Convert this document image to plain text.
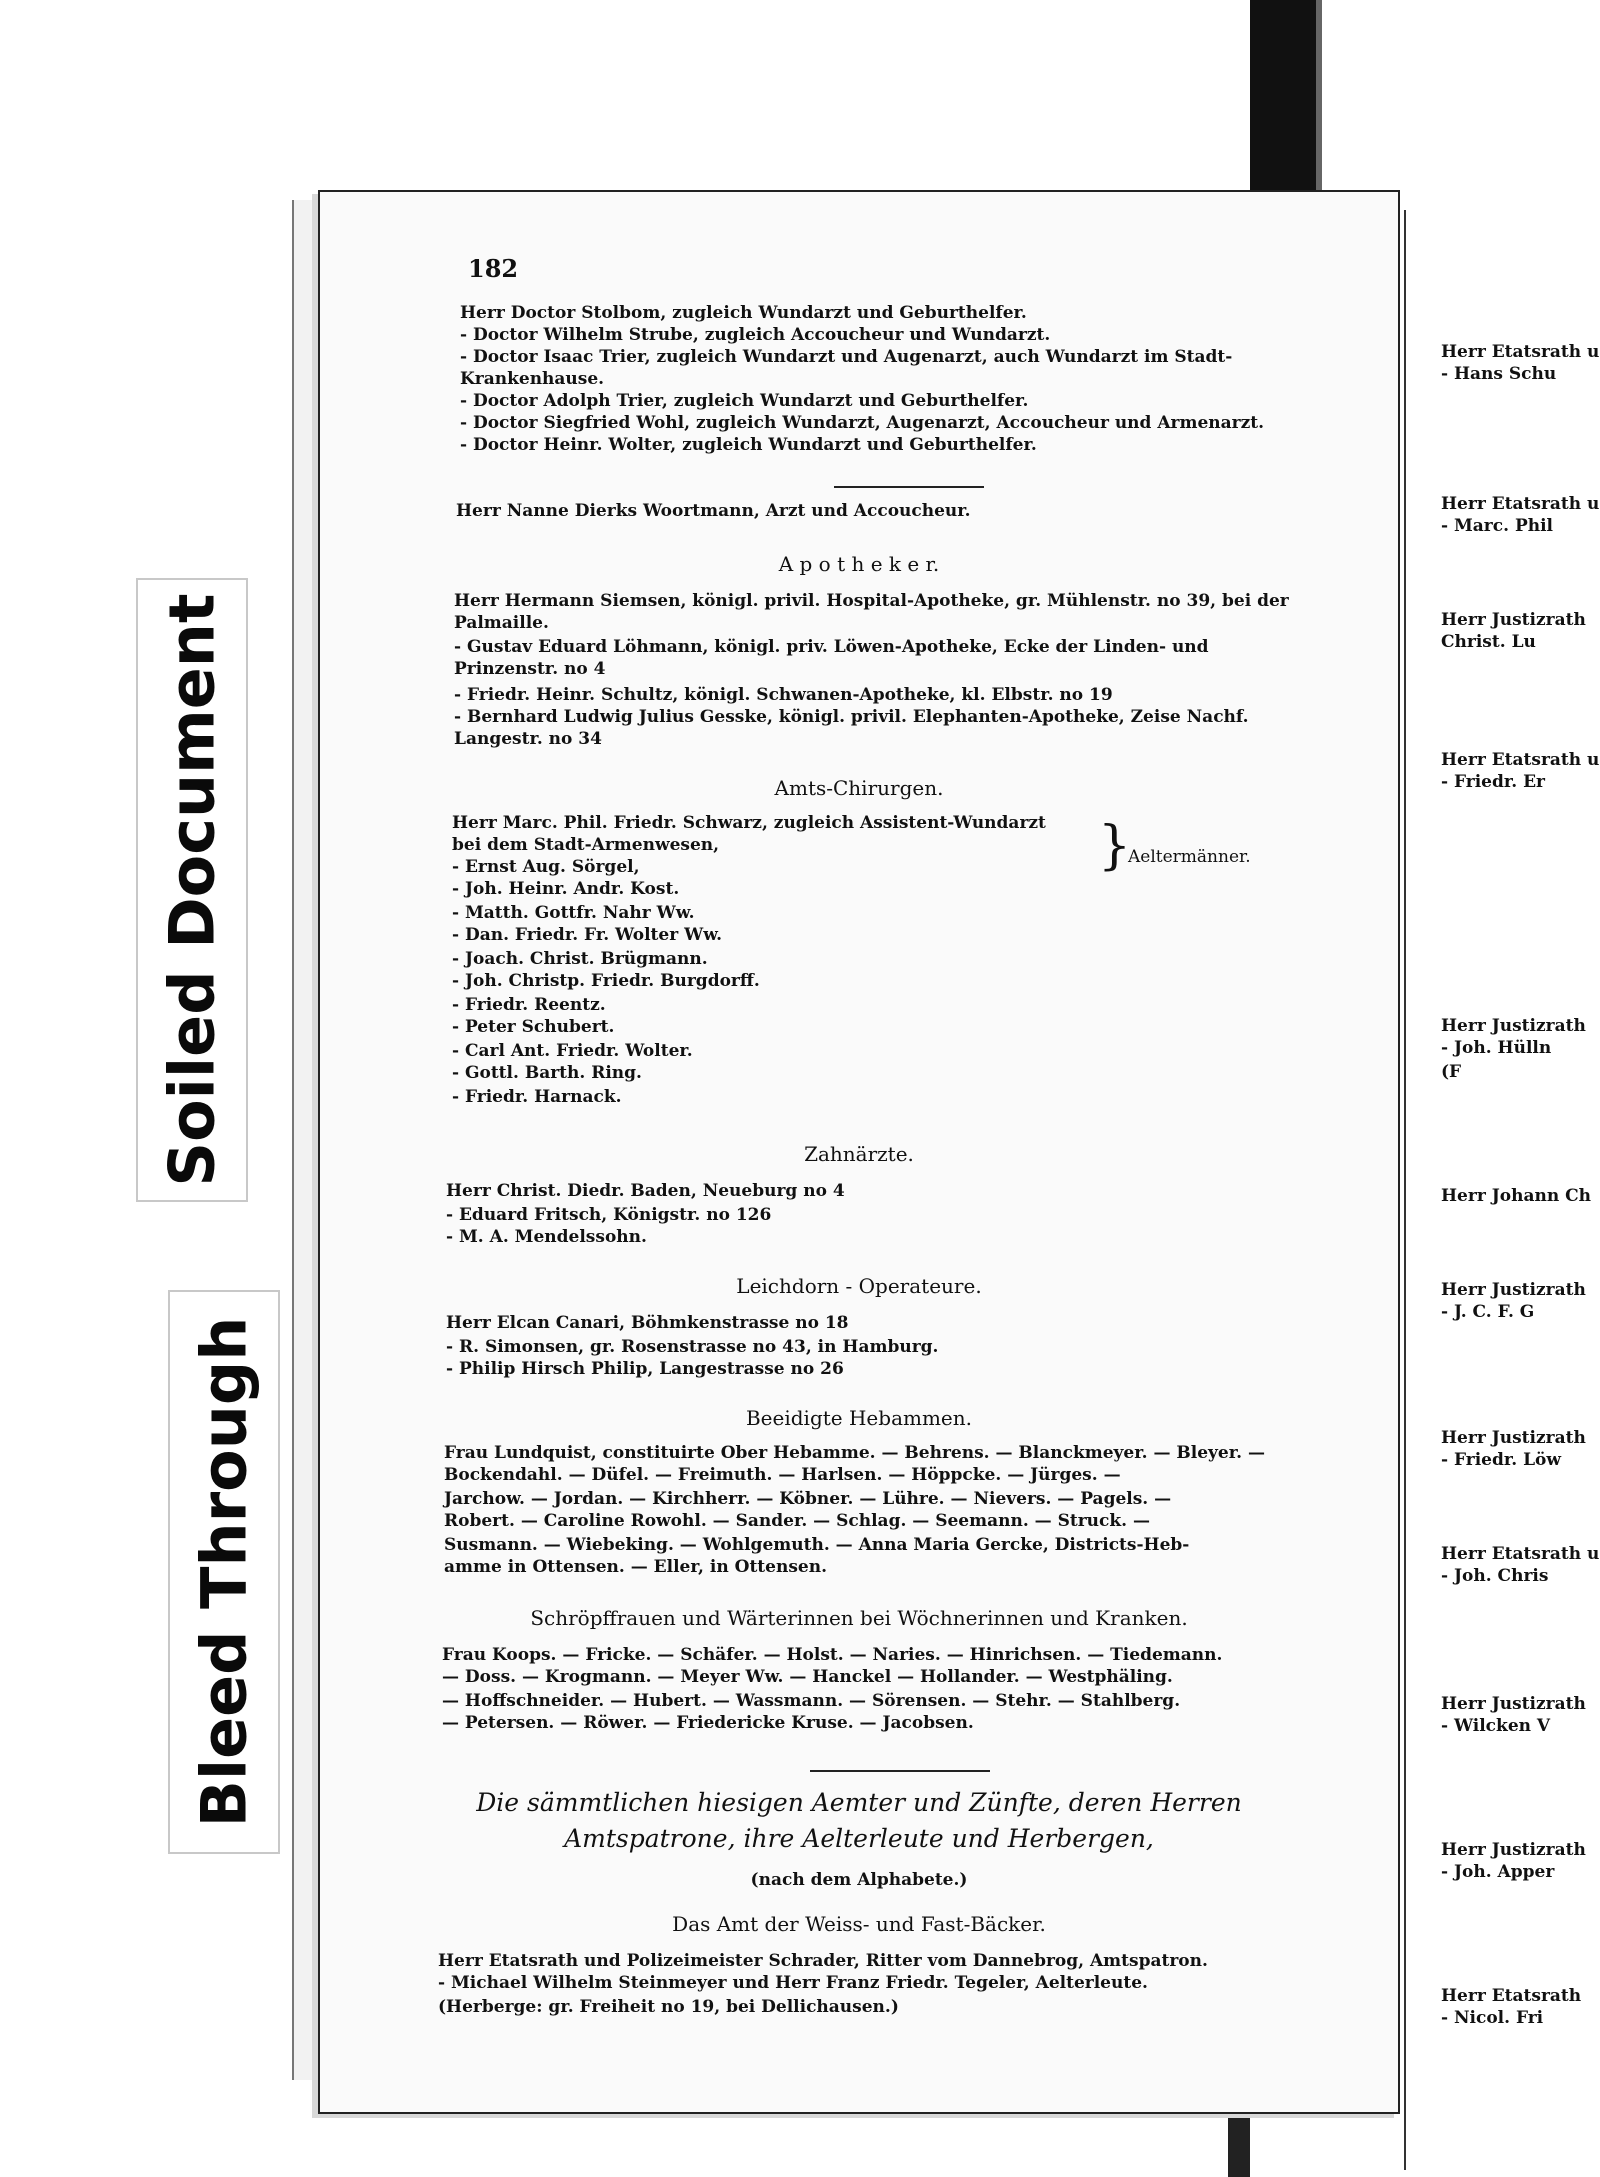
Herr Etatsrath u
- Hans Schu
Herr Etatsrath u
- Marc. Phil
Herr Justizrath
Christ. Lu
Herr Etatsrath u
- Friedr. Er
Herr Justizrath
- Joh. Hülln
(F
Herr Johann Ch
Herr Justizrath
- J. C. F. G
Herr Justizrath
- Friedr. Löw
Herr Etatsrath u
- Joh. Chris
Herr Justizrath
- Wilcken V
Herr Justizrath
- Joh. Apper
Herr Etatsrath
- Nicol. Fri
Soiled Document
Bleed Through
182
Herr Doctor Stolbom, zugleich Wundarzt und Geburthelfer.
- Doctor Wilhelm Strube, zugleich Accoucheur und Wundarzt.
- Doctor Isaac Trier, zugleich Wundarzt und Augenarzt, auch Wundarzt im Stadt-
Krankenhause.
- Doctor Adolph Trier, zugleich Wundarzt und Geburthelfer.
- Doctor Siegfried Wohl, zugleich Wundarzt, Augenarzt, Accoucheur und Armenarzt.
- Doctor Heinr. Wolter, zugleich Wundarzt und Geburthelfer.
Herr Nanne Dierks Woortmann, Arzt und Accoucheur.
A p o t h e k e r.
Herr Hermann Siemsen, königl. privil. Hospital-Apotheke, gr. Mühlenstr. no 39, bei der
Palmaille.
- Gustav Eduard Löhmann, königl. priv. Löwen-Apotheke, Ecke der Linden- und
Prinzenstr. no 4
- Friedr. Heinr. Schultz, königl. Schwanen-Apotheke, kl. Elbstr. no 19
- Bernhard Ludwig Julius Gesske, königl. privil. Elephanten-Apotheke, Zeise Nachf.
Langestr. no 34
Amts-Chirurgen.
Herr Marc. Phil. Friedr. Schwarz, zugleich Assistent-Wundarzt
bei dem Stadt-Armenwesen,
- Ernst Aug. Sörgel,
- Joh. Heinr. Andr. Kost.
- Matth. Gottfr. Nahr Ww.
- Dan. Friedr. Fr. Wolter Ww.
- Joach. Christ. Brügmann.
- Joh. Christp. Friedr. Burgdorff.
- Friedr. Reentz.
- Peter Schubert.
- Carl Ant. Friedr. Wolter.
- Gottl. Barth. Ring.
- Friedr. Harnack.
}
Aeltermänner.
Zahnärzte.
Herr Christ. Diedr. Baden, Neueburg no 4
- Eduard Fritsch, Königstr. no 126
- M. A. Mendelssohn.
Leichdorn - Operateure.
Herr Elcan Canari, Böhmkenstrasse no 18
- R. Simonsen, gr. Rosenstrasse no 43, in Hamburg.
- Philip Hirsch Philip, Langestrasse no 26
Beeidigte Hebammen.
Frau Lundquist, constituirte Ober Hebamme. — Behrens. — Blanckmeyer. — Bleyer. —
Bockendahl. — Düfel. — Freimuth. — Harlsen. — Höppcke. — Jürges. —
Jarchow. — Jordan. — Kirchherr. — Köbner. — Lühre. — Nievers. — Pagels. —
Robert. — Caroline Rowohl. — Sander. — Schlag. — Seemann. — Struck. —
Susmann. — Wiebeking. — Wohlgemuth. — Anna Maria Gercke, Districts-Heb-
amme in Ottensen. — Eller, in Ottensen.
Schröpffrauen und Wärterinnen bei Wöchnerinnen und Kranken.
Frau Koops. — Fricke. — Schäfer. — Holst. — Naries. — Hinrichsen. — Tiedemann.
— Doss. — Krogmann. — Meyer Ww. — Hanckel — Hollander. — Westphäling.
— Hoffschneider. — Hubert. — Wassmann. — Sörensen. — Stehr. — Stahlberg.
— Petersen. — Röwer. — Friedericke Kruse. — Jacobsen.
Die sämmtlichen hiesigen Aemter und Zünfte, deren Herren
Amtspatrone, ihre Aelterleute und Herbergen,
(nach dem Alphabete.)
Das Amt der Weiss- und Fast-Bäcker.
Herr Etatsrath und Polizeimeister Schrader, Ritter vom Dannebrog, Amtspatron.
- Michael Wilhelm Steinmeyer und Herr Franz Friedr. Tegeler, Aelterleute.
(Herberge: gr. Freiheit no 19, bei Dellichausen.)
